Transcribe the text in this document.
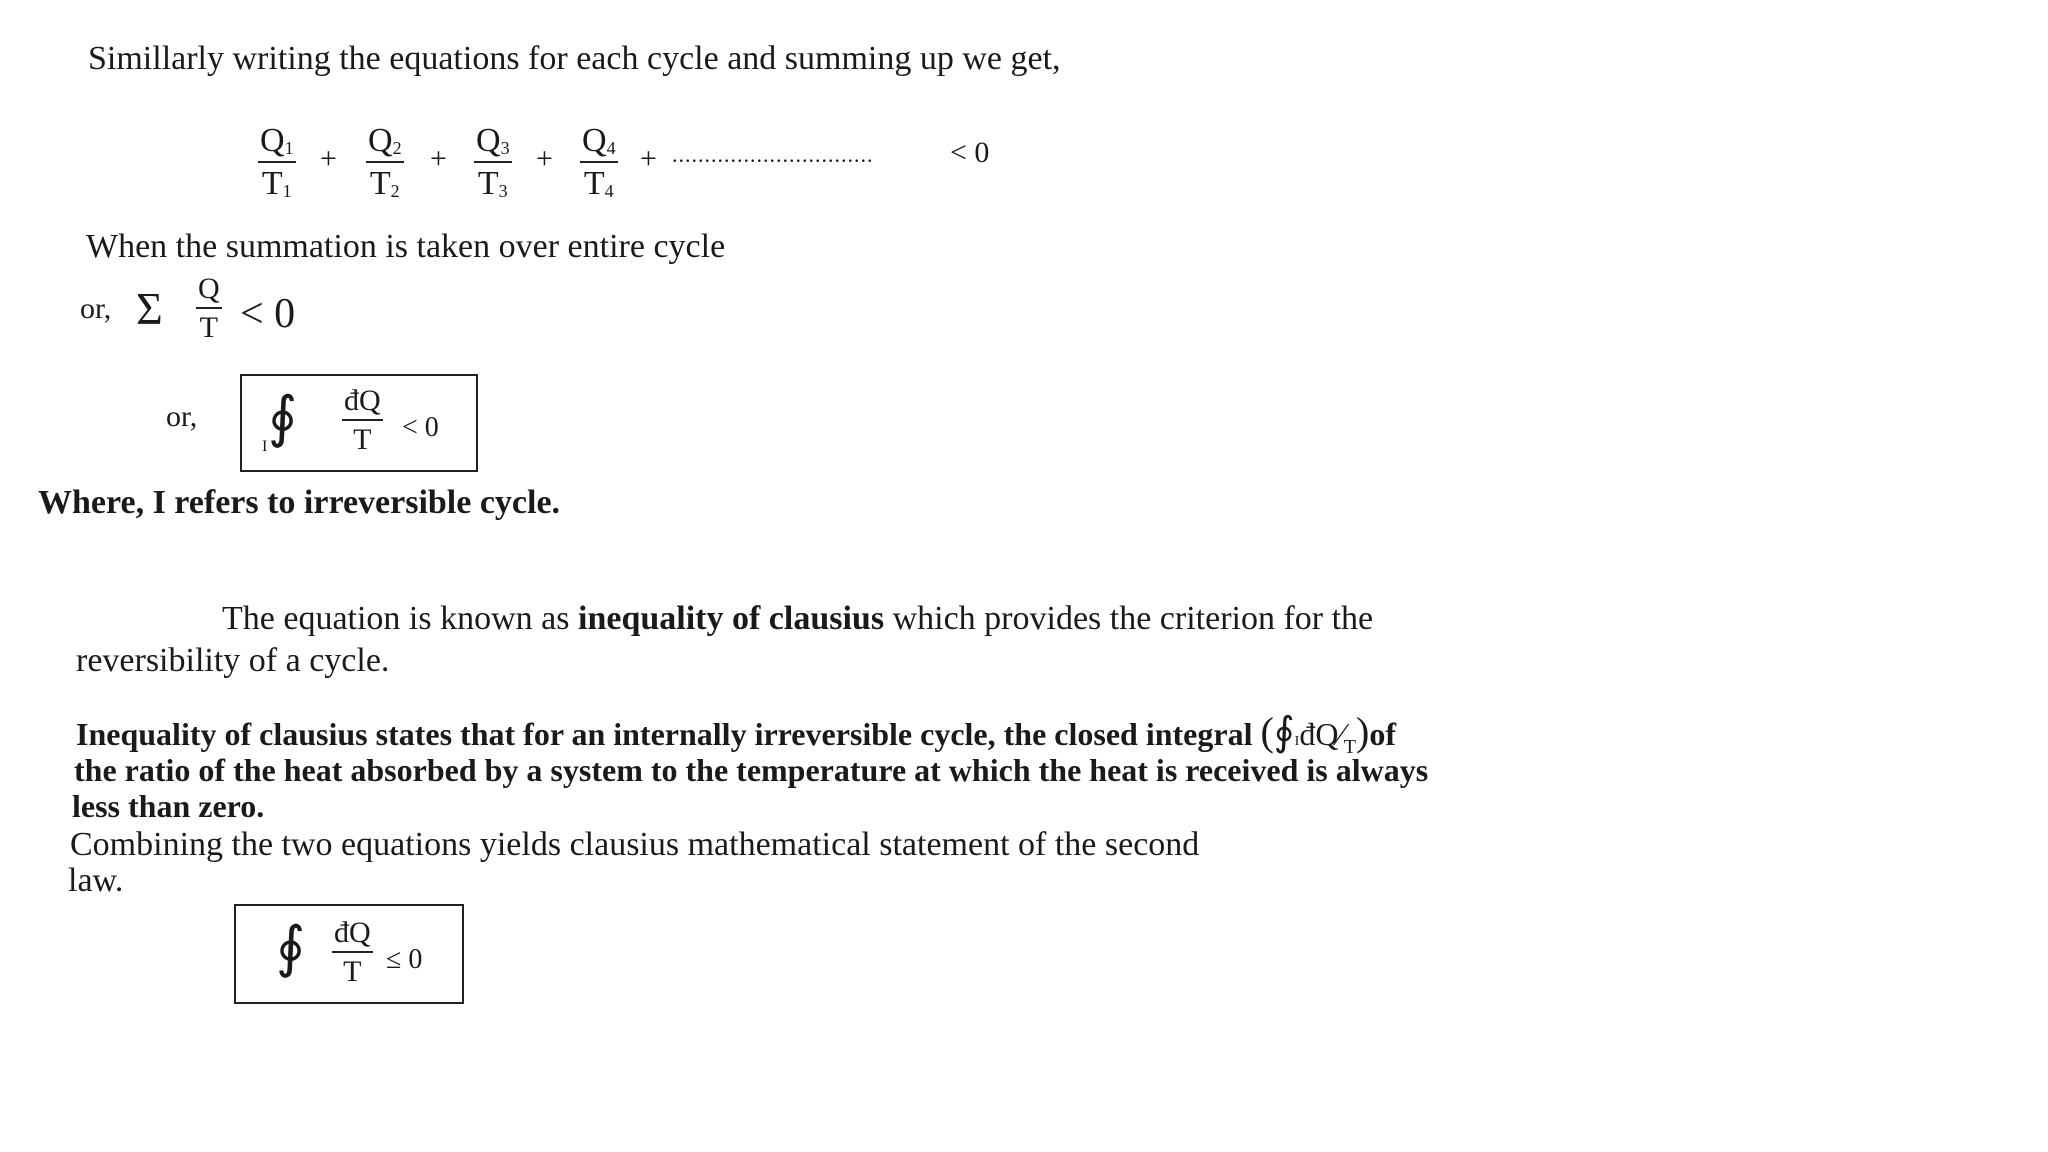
Simillarly writing the equations for each cycle and summing up we get,
$\frac{Q_1}{T_1} + \frac{Q_2}{T_2} + \frac{Q_3}{T_3} + \frac{Q_4}{T_4}$ + ...............................	< 0
When the summation is taken over entire cycle
or, Σ $\frac{Q}{T} < 0$
or, ∮
I $\frac{đQ}{T} < 0$
Where, I refers to irreversible cycle.
The equation is known as inequality of clausius which provides the criterion for the
reversibility of a cycle.
Inequality of clausius states that for an internally irreversible cycle, the closed integral $(∮IđQ⁄_T)of$
the ratio of the heat absorbed by a system to the temperature at which the heat is received is always
less than zero.
Combining the two equations yields clausius mathematical statement of the second
law.
∮ $\frac{đQ}{T} \le 0$
